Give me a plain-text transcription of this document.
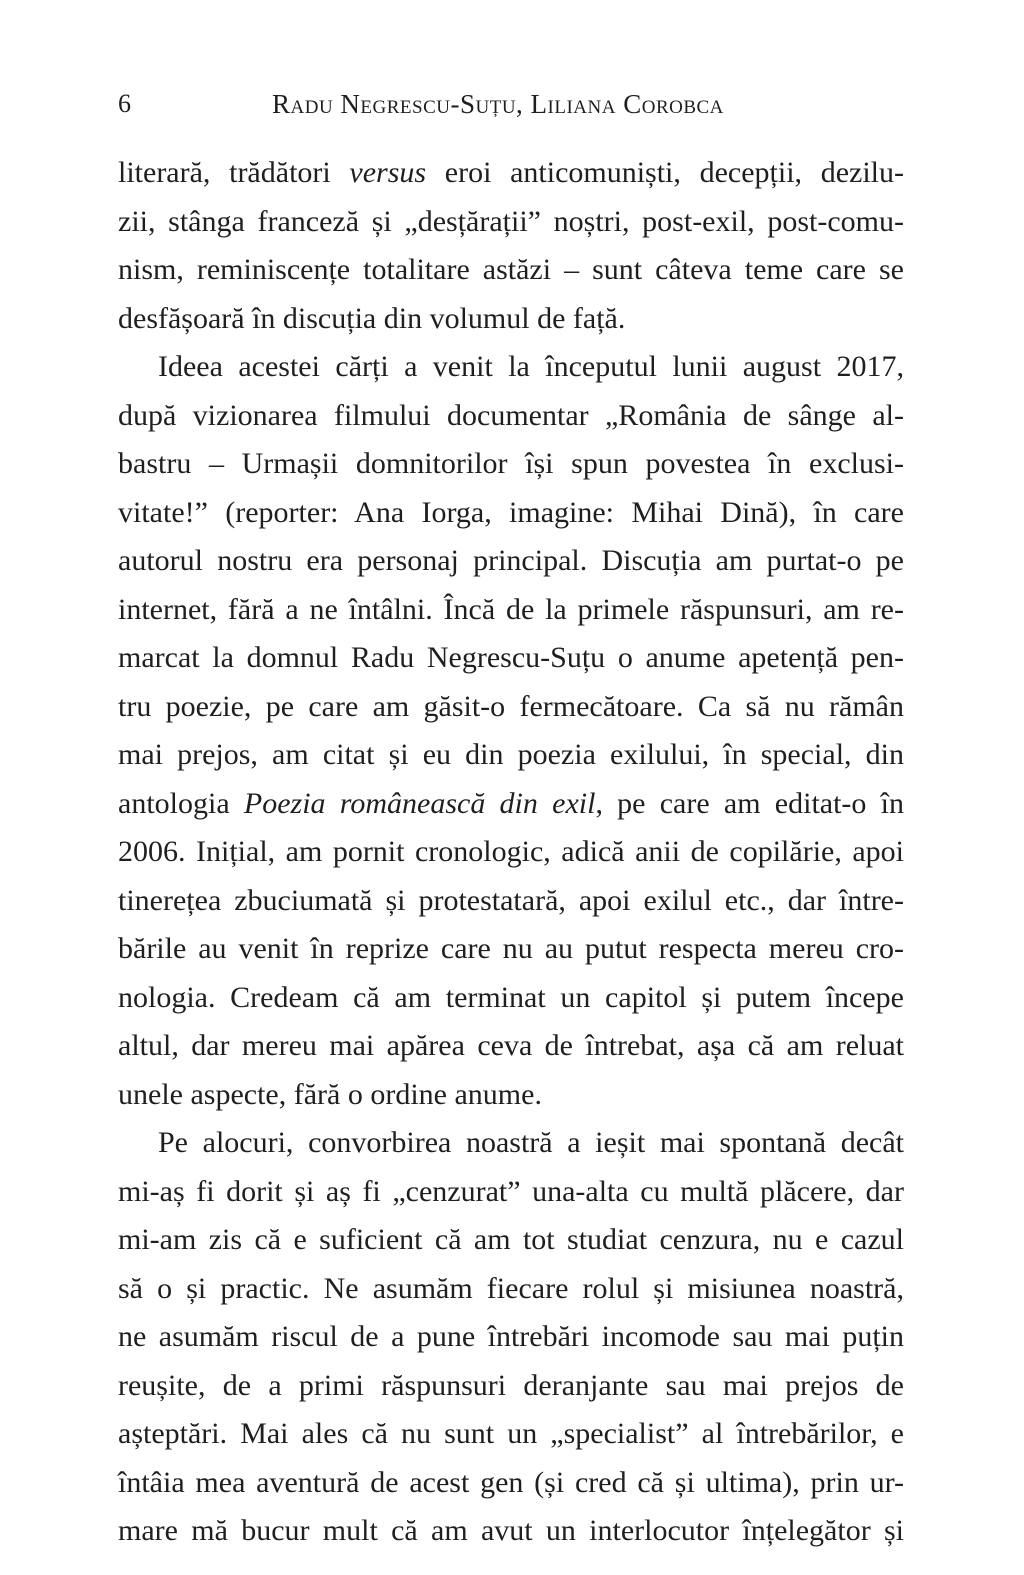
6	Radu Negrescu-Suțu, Liliana Corobca
literară, trădători versus eroi anticomuniști, decepții, dezilu-
zii, stânga franceză și „desțărații” noștri, post-exil, post-comu-
nism, reminiscențe totalitare astăzi – sunt câteva teme care se
desfășoară în discuția din volumul de față.
Ideea acestei cărți a venit la începutul lunii august 2017,
după vizionarea filmului documentar „România de sânge al-
bastru – Urmașii domnitorilor își spun povestea în exclusi-
vitate!” (reporter: Ana Iorga, imagine: Mihai Dină), în care
autorul nostru era personaj principal. Discuția am purtat-o pe
internet, fără a ne întâlni. Încă de la primele răspunsuri, am re-
marcat la domnul Radu Negrescu-Suțu o anume apetență pen-
tru poezie, pe care am găsit-o fermecătoare. Ca să nu rămân
mai prejos, am citat și eu din poezia exilului, în special, din
antologia Poezia românească din exil, pe care am editat-o în
2006. Inițial, am pornit cronologic, adică anii de copilărie, apoi
tinerețea zbuciumată și protestatară, apoi exilul etc., dar între-
bările au venit în reprize care nu au putut respecta mereu cro-
nologia. Credeam că am terminat un capitol și putem începe
altul, dar mereu mai apărea ceva de întrebat, așa că am reluat
unele aspecte, fără o ordine anume.
Pe alocuri, convorbirea noastră a ieșit mai spontană decât
mi-aș fi dorit și aș fi „cenzurat” una-alta cu multă plăcere, dar
mi-am zis că e suficient că am tot studiat cenzura, nu e cazul
să o și practic. Ne asumăm fiecare rolul și misiunea noastră,
ne asumăm riscul de a pune întrebări incomode sau mai puțin
reușite, de a primi răspunsuri deranjante sau mai prejos de
așteptări. Mai ales că nu sunt un „specialist” al întrebărilor, e
întâia mea aventură de acest gen (și cred că și ultima), prin ur-
mare mă bucur mult că am avut un interlocutor înțelegător și
